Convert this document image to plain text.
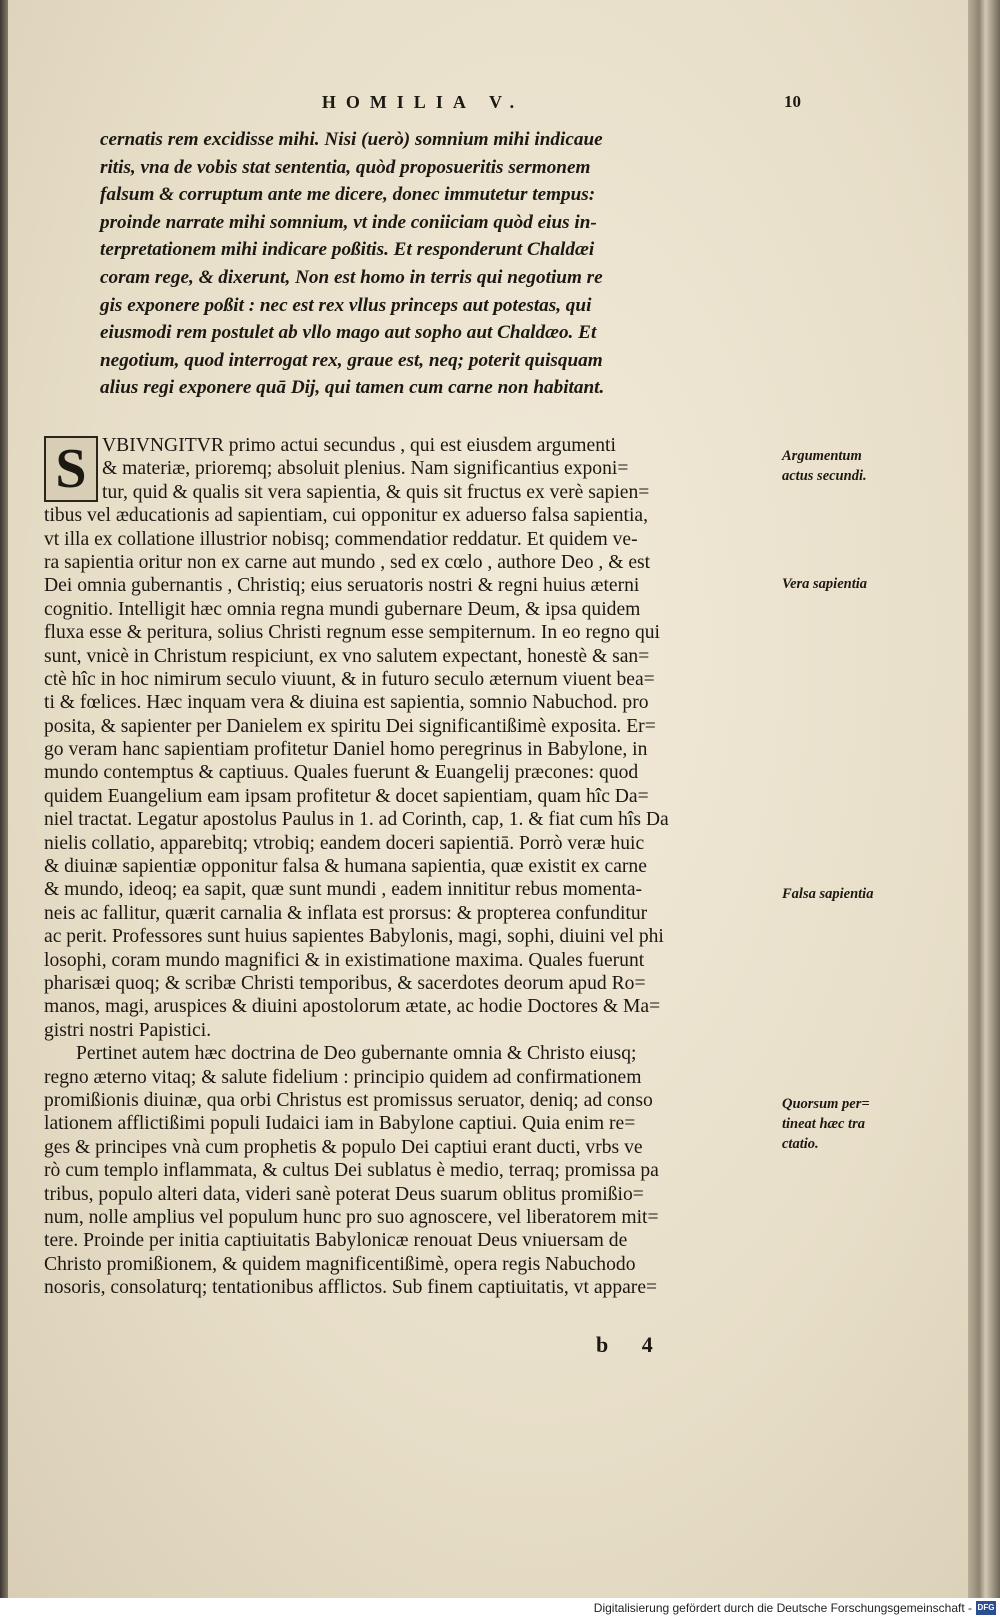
HOMILIA V.	10
cernatis rem excidisse mihi. Nisi (uerò) somnium mihi indicaue
ritis, vna de vobis stat sententia, quòd proposueritis sermonem
falsum & corruptum ante me dicere, donec immutetur tempus:
proinde narrate mihi somnium, vt inde coniiciam quòd eius in-
terpretationem mihi indicare poßitis. Et responderunt Chaldæi
coram rege, & dixerunt, Non est homo in terris qui negotium re
gis exponere poßit : nec est rex vllus princeps aut potestas, qui
eiusmodi rem postulet ab vllo mago aut sopho aut Chaldæo. Et
negotium, quod interrogat rex, graue est, neq; poterit quisquam
alius regi exponere quā Dij, qui tamen cum carne non habitant.
S VBIVNGITVR primo actui secundus , qui est eiusdem argumenti
& materiæ, prioremq; absoluit plenius. Nam significantius exponi=
tur, quid & qualis sit vera sapientia, & quis sit fructus ex verè sapien=
tibus vel æducationis ad sapientiam, cui opponitur ex aduerso falsa sapientia,
vt illa ex collatione illustrior nobisq; commendatior reddatur. Et quidem ve-
ra sapientia oritur non ex carne aut mundo , sed ex cœlo , authore Deo , & est
Dei omnia gubernantis , Christiq; eius seruatoris nostri & regni huius æterni
cognitio. Intelligit hæc omnia regna mundi gubernare Deum, & ipsa quidem
fluxa esse & peritura, solius Christi regnum esse sempiternum. In eo regno qui
sunt, vnicè in Christum respiciunt, ex vno salutem expectant, honestè & san=
ctè hîc in hoc nimirum seculo viuunt, & in futuro seculo æternum viuent bea=
ti & fœlices. Hæc inquam vera & diuina est sapientia, somnio Nabuchod. pro
posita, & sapienter per Danielem ex spiritu Dei significantißimè exposita. Er=
go veram hanc sapientiam profitetur Daniel homo peregrinus in Babylone, in
mundo contemptus & captiuus. Quales fuerunt & Euangelij præcones: quod
quidem Euangelium eam ipsam profitetur & docet sapientiam, quam hîc Da=
niel tractat. Legatur apostolus Paulus in 1. ad Corinth, cap, 1. & fiat cum hîs Da
nielis collatio, apparebitq; vtrobiq; eandem doceri sapientiā. Porrò veræ huic
& diuinæ sapientiæ opponitur falsa & humana sapientia, quæ existit ex carne
& mundo, ideoq; ea sapit, quæ sunt mundi , eadem innititur rebus momenta-
neis ac fallitur, quærit carnalia & inflata est prorsus: & propterea confunditur
ac perit. Professores sunt huius sapientes Babylonis, magi, sophi, diuini vel phi
losophi, coram mundo magnifici & in existimatione maxima. Quales fuerunt
pharisæi quoq; & scribæ Christi temporibus, & sacerdotes deorum apud Ro=
manos, magi, aruspices & diuini apostolorum ætate, ac hodie Doctores & Ma=
gistri nostri Papistici.
Pertinet autem hæc doctrina de Deo gubernante omnia & Christo eiusq;
regno æterno vitaq; & salute fidelium : principio quidem ad confirmationem
promißionis diuinæ, qua orbi Christus est promissus seruator, deniq; ad conso
lationem afflictißimi populi Iudaici iam in Babylone captiui. Quia enim re=
ges & principes vnà cum prophetis & populo Dei captiui erant ducti, vrbs ve
rò cum templo inflammata, & cultus Dei sublatus è medio, terraq; promissa pa
tribus, populo alteri data, videri sanè poterat Deus suarum oblitus promißio=
num, nolle amplius vel populum hunc pro suo agnoscere, vel liberatorem mit=
tere. Proinde per initia captiuitatis Babylonicæ renouat Deus vniuersam de
Christo promißionem, & quidem magnificentißimè, opera regis Nabuchodo
nosoris, consolaturq; tentationibus afflictos. Sub finem captiuitatis, vt appare=
Argumentum
actus secundi.
Vera sapientia
Falsa sapientia
Quorsum per=
tineat hæc tra
ctatio.
b 4
Digitalisierung gefördert durch die Deutsche Forschungsgemeinschaft - DFG
